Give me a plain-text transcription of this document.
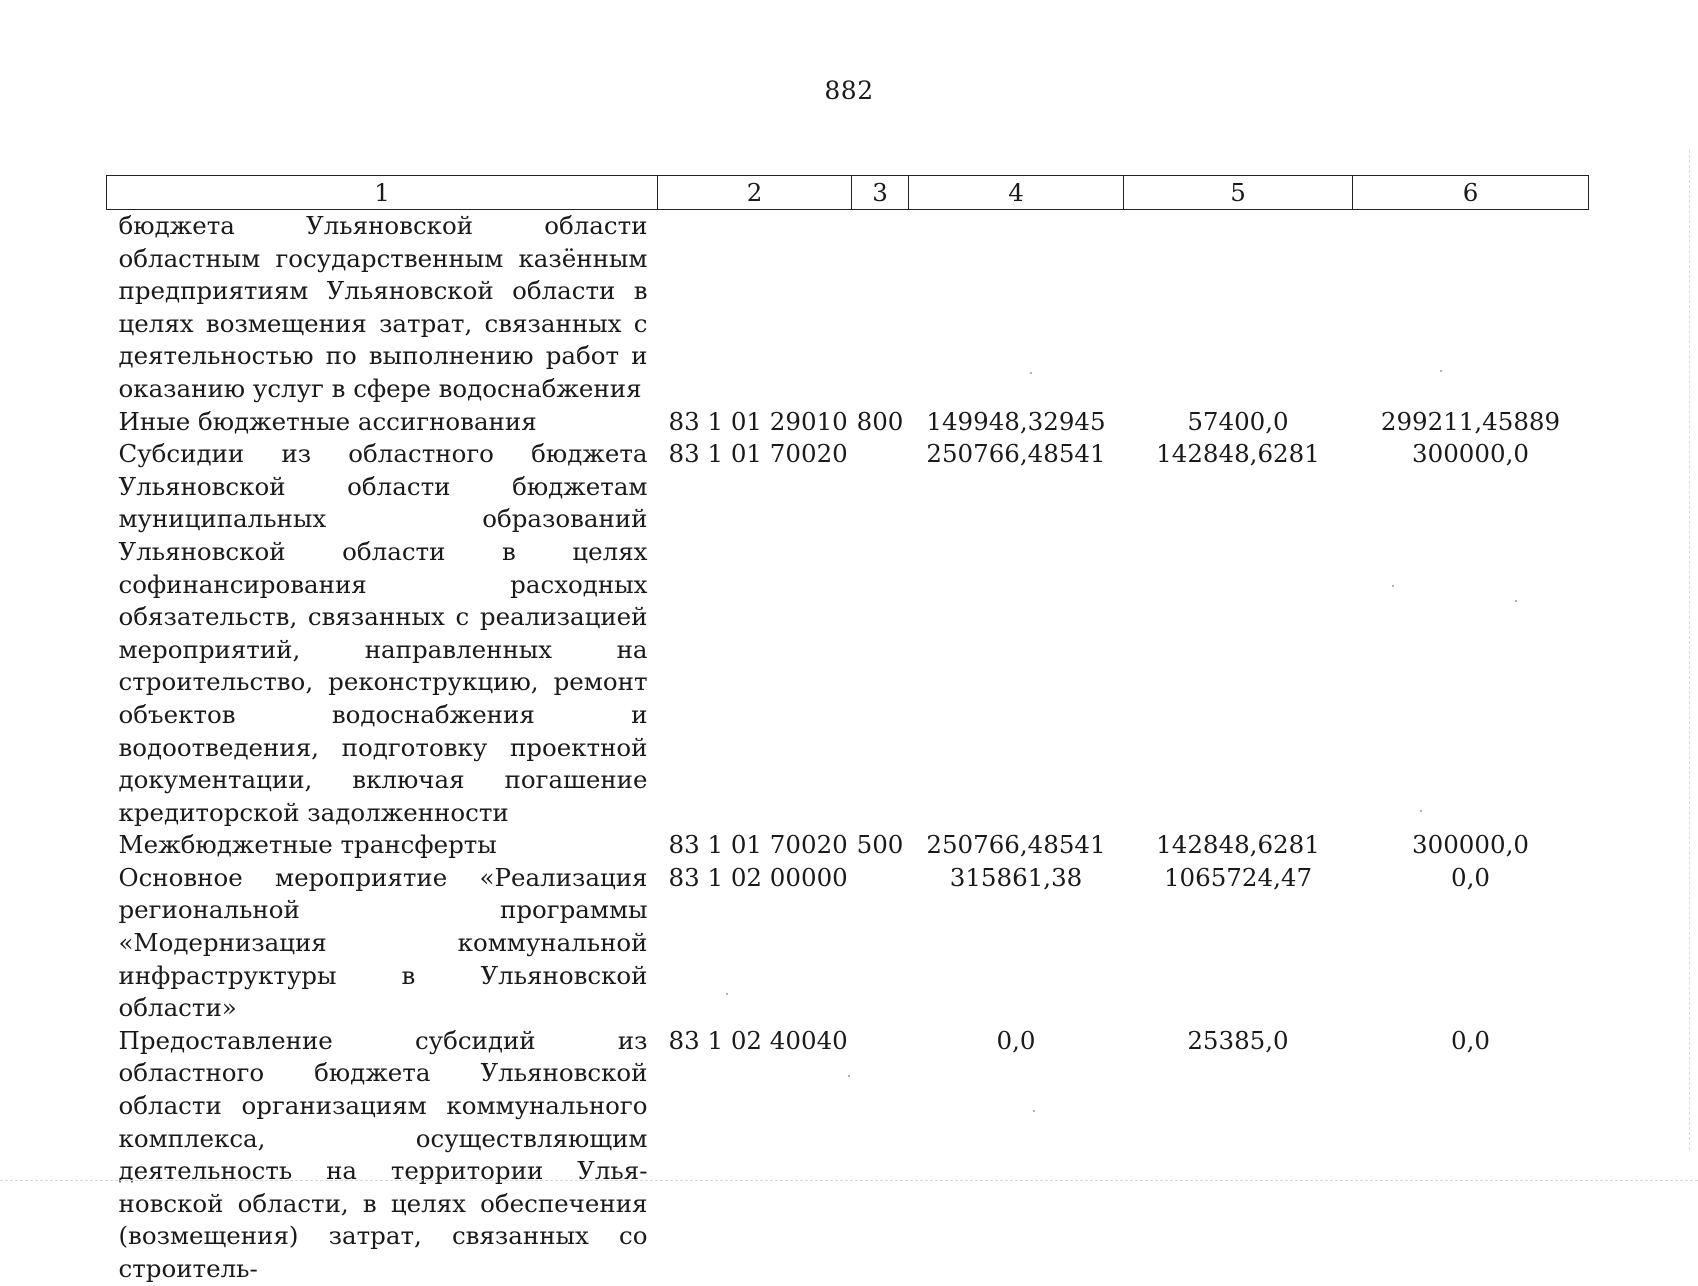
882
1	2	3	4	5	6
бюджета Ульяновской области областным государственным казённым предприятиям Ульяновской области в целях возмещения затрат, связанных с деятельностью по выполнению работ и оказанию услуг в сфере водоснабжения					
Иные бюджетные ассигнования	83 1 01 29010	800	149948,32945	57400,0	299211,45889
Субсидии из областного бюджета Ульяновской области бюджетам муниципальных образований Ульяновской области в целях софинансирования расходных обязательств, связанных с реализацией мероприятий, направленных на строительство, реконструкцию, ремонт объектов водоснабжения и водоотведения, подготовку проектной документации, включая погашение кредиторской задолженности	83 1 01 70020		250766,48541	142848,6281	300000,0
Межбюджетные трансферты	83 1 01 70020	500	250766,48541	142848,6281	300000,0
Основное мероприятие «Реализация региональной программы «Модернизация коммунальной инфраструктуры в Ульяновской области»	83 1 02 00000		315861,38	1065724,47	0,0
Предоставление субсидий из областного бюджета Ульяновской области организациям коммунального комплекса, осуществляющим деятельность на территории Ульяновской области, в целях обеспечения (возмещения) затрат, связанных со строитель-	83 1 02 40040		0,0	25385,0	0,0
